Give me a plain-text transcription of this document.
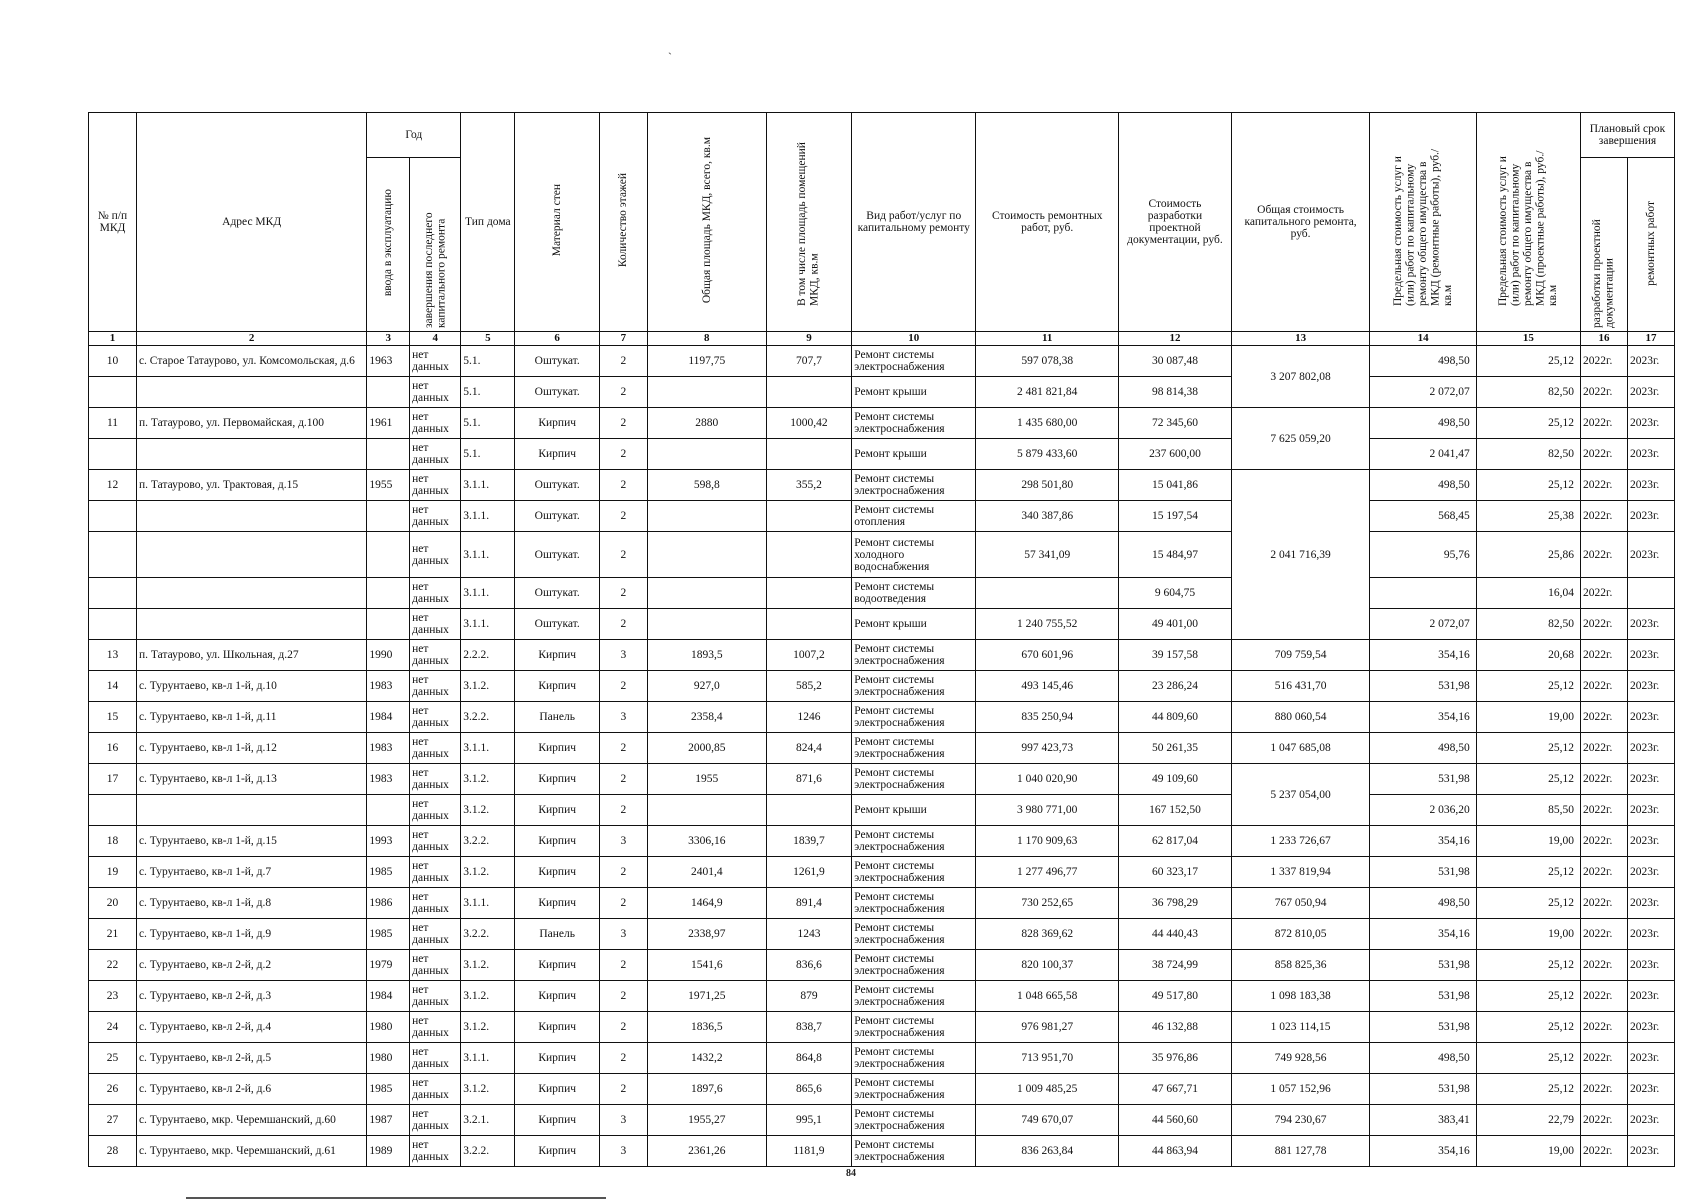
`
№ п/п МКД	Адрес МКД	Год		Тип дома	Материал стен	Количество этажей	Общая площадь МКД, всего, кв.м	В том числе площадь помещений МКД, кв.м	Вид работ/услуг по капитальному ремонту	Стоимость ремонтных работ, руб.	Стоимость разработки проектной документации, руб.	Общая стоимость капитального ремонта, руб.	Предельная стоимость услуг и (или) работ по капитальному ремонту общего имущества в МКД (ремонтные работы), руб./кв.м	Предельная стоимость услуг и (или) работ по капитальному ремонту общего имущества в МКД (проектные работы), руб./кв.м	Плановый срок завершения	
		ввода в эксплуатацию	завершения последнего капитального ремонта												разработки проектной документации	ремонтных работ
1	2	3	4	5	6	7	8	9	10	11	12	13	14	15	16	17
10	с. Старое Татаурово, ул. Комсомольская, д.6	1963	нет данных	5.1.	Оштукат.	2	1197,75	707,7	Ремонт системы электроснабжения	597 078,38	30 087,48	3 207 802,08	498,50	25,12	2022г.	2023г.
			нет данных	5.1.	Оштукат.	2			Ремонт крыши	2 481 821,84	98 814,38		2 072,07	82,50	2022г.	2023г.
11	п. Татаурово, ул. Первомайская, д.100	1961	нет данных	5.1.	Кирпич	2	2880	1000,42	Ремонт системы электроснабжения	1 435 680,00	72 345,60	7 625 059,20	498,50	25,12	2022г.	2023г.
			нет данных	5.1.	Кирпич	2			Ремонт крыши	5 879 433,60	237 600,00		2 041,47	82,50	2022г.	2023г.
12	п. Татаурово, ул. Трактовая, д.15	1955	нет данных	3.1.1.	Оштукат.	2	598,8	355,2	Ремонт системы электроснабжения	298 501,80	15 041,86	2 041 716,39	498,50	25,12	2022г.	2023г.
			нет данных	3.1.1.	Оштукат.	2			Ремонт системы отопления	340 387,86	15 197,54		568,45	25,38	2022г.	2023г.
			нет данных	3.1.1.	Оштукат.	2			Ремонт системы холодного водоснабжения	57 341,09	15 484,97		95,76	25,86	2022г.	2023г.
			нет данных	3.1.1.	Оштукат.	2			Ремонт системы водоотведения		9 604,75			16,04	2022г.	
			нет данных	3.1.1.	Оштукат.	2			Ремонт крыши	1 240 755,52	49 401,00		2 072,07	82,50	2022г.	2023г.
13	п. Татаурово, ул. Школьная, д.27	1990	нет данных	2.2.2.	Кирпич	3	1893,5	1007,2	Ремонт системы электроснабжения	670 601,96	39 157,58	709 759,54	354,16	20,68	2022г.	2023г.
14	с. Турунтаево, кв-л 1-й, д.10	1983	нет данных	3.1.2.	Кирпич	2	927,0	585,2	Ремонт системы электроснабжения	493 145,46	23 286,24	516 431,70	531,98	25,12	2022г.	2023г.
15	с. Турунтаево, кв-л 1-й, д.11	1984	нет данных	3.2.2.	Панель	3	2358,4	1246	Ремонт системы электроснабжения	835 250,94	44 809,60	880 060,54	354,16	19,00	2022г.	2023г.
16	с. Турунтаево, кв-л 1-й, д.12	1983	нет данных	3.1.1.	Кирпич	2	2000,85	824,4	Ремонт системы электроснабжения	997 423,73	50 261,35	1 047 685,08	498,50	25,12	2022г.	2023г.
17	с. Турунтаево, кв-л 1-й, д.13	1983	нет данных	3.1.2.	Кирпич	2	1955	871,6	Ремонт системы электроснабжения	1 040 020,90	49 109,60	5 237 054,00	531,98	25,12	2022г.	2023г.
			нет данных	3.1.2.	Кирпич	2			Ремонт крыши	3 980 771,00	167 152,50		2 036,20	85,50	2022г.	2023г.
18	с. Турунтаево, кв-л 1-й, д.15	1993	нет данных	3.2.2.	Кирпич	3	3306,16	1839,7	Ремонт системы электроснабжения	1 170 909,63	62 817,04	1 233 726,67	354,16	19,00	2022г.	2023г.
19	с. Турунтаево, кв-л 1-й, д.7	1985	нет данных	3.1.2.	Кирпич	2	2401,4	1261,9	Ремонт системы электроснабжения	1 277 496,77	60 323,17	1 337 819,94	531,98	25,12	2022г.	2023г.
20	с. Турунтаево, кв-л 1-й, д.8	1986	нет данных	3.1.1.	Кирпич	2	1464,9	891,4	Ремонт системы электроснабжения	730 252,65	36 798,29	767 050,94	498,50	25,12	2022г.	2023г.
21	с. Турунтаево, кв-л 1-й, д.9	1985	нет данных	3.2.2.	Панель	3	2338,97	1243	Ремонт системы электроснабжения	828 369,62	44 440,43	872 810,05	354,16	19,00	2022г.	2023г.
22	с. Турунтаево, кв-л 2-й, д.2	1979	нет данных	3.1.2.	Кирпич	2	1541,6	836,6	Ремонт системы электроснабжения	820 100,37	38 724,99	858 825,36	531,98	25,12	2022г.	2023г.
23	с. Турунтаево, кв-л 2-й, д.3	1984	нет данных	3.1.2.	Кирпич	2	1971,25	879	Ремонт системы электроснабжения	1 048 665,58	49 517,80	1 098 183,38	531,98	25,12	2022г.	2023г.
24	с. Турунтаево, кв-л 2-й, д.4	1980	нет данных	3.1.2.	Кирпич	2	1836,5	838,7	Ремонт системы электроснабжения	976 981,27	46 132,88	1 023 114,15	531,98	25,12	2022г.	2023г.
25	с. Турунтаево, кв-л 2-й, д.5	1980	нет данных	3.1.1.	Кирпич	2	1432,2	864,8	Ремонт системы электроснабжения	713 951,70	35 976,86	749 928,56	498,50	25,12	2022г.	2023г.
26	с. Турунтаево, кв-л 2-й, д.6	1985	нет данных	3.1.2.	Кирпич	2	1897,6	865,6	Ремонт системы электроснабжения	1 009 485,25	47 667,71	1 057 152,96	531,98	25,12	2022г.	2023г.
27	с. Турунтаево, мкр. Черемшанский, д.60	1987	нет данных	3.2.1.	Кирпич	3	1955,27	995,1	Ремонт системы электроснабжения	749 670,07	44 560,60	794 230,67	383,41	22,79	2022г.	2023г.
28	с. Турунтаево, мкр. Черемшанский, д.61	1989	нет данных	3.2.2.	Кирпич	3	2361,26	1181,9	Ремонт системы электроснабжения	836 263,84	44 863,94	881 127,78	354,16	19,00	2022г.	2023г.
84
